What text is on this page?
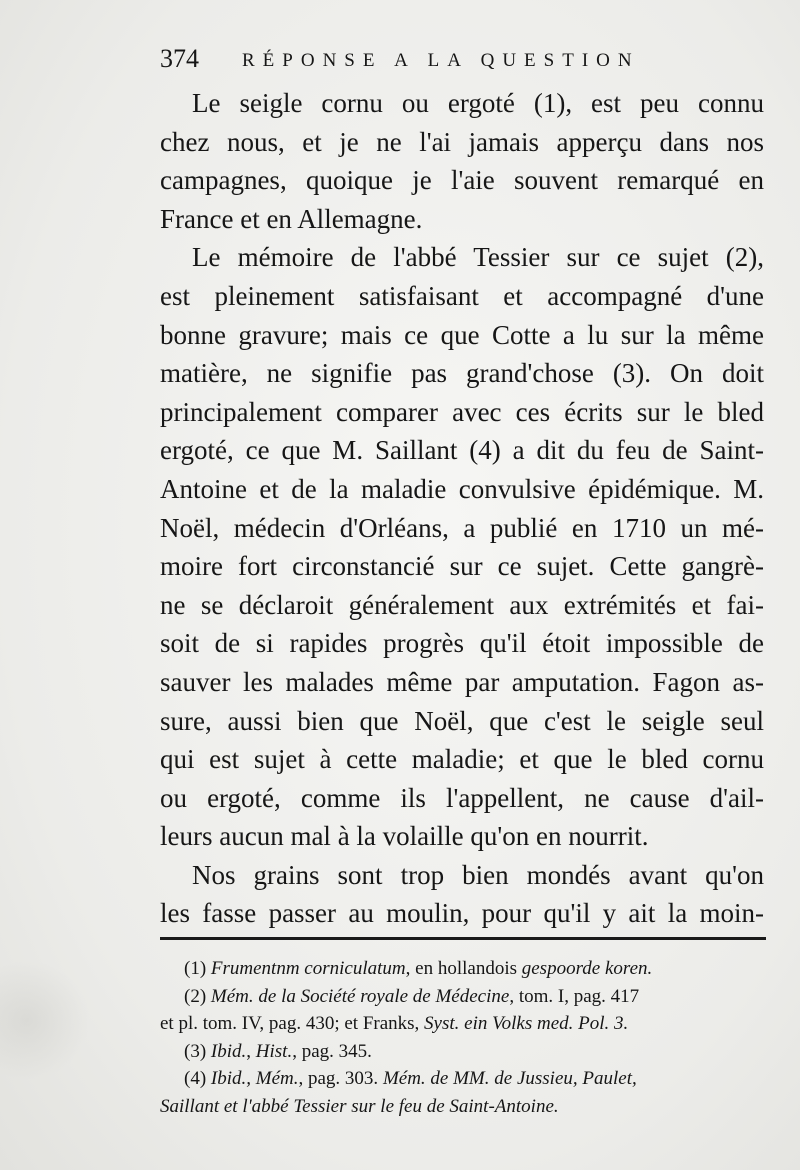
374 RÉPONSE A LA QUESTION
Le seigle cornu ou ergoté (1), est peu connu
chez nous, et je ne l'ai jamais apperçu dans nos
campagnes, quoique je l'aie souvent remarqué en
France et en Allemagne.
Le mémoire de l'abbé Tessier sur ce sujet (2),
est pleinement satisfaisant et accompagné d'une
bonne gravure; mais ce que Cotte a lu sur la même
matière, ne signifie pas grand'chose (3). On doit
principalement comparer avec ces écrits sur le bled
ergoté, ce que M. Saillant (4) a dit du feu de Saint-
Antoine et de la maladie convulsive épidémique. M.
Noël, médecin d'Orléans, a publié en 1710 un mé-
moire fort circonstancié sur ce sujet. Cette gangrè-
ne se déclaroit généralement aux extrémités et fai-
soit de si rapides progrès qu'il étoit impossible de
sauver les malades même par amputation. Fagon as-
sure, aussi bien que Noël, que c'est le seigle seul
qui est sujet à cette maladie; et que le bled cornu
ou ergoté, comme ils l'appellent, ne cause d'ail-
leurs aucun mal à la volaille qu'on en nourrit.
Nos grains sont trop bien mondés avant qu'on
les fasse passer au moulin, pour qu'il y ait la moin-
(1) Frumentnm corniculatum, en hollandois gespoorde koren.
(2) Mém. de la Société royale de Médecine, tom. I, pag. 417
et pl. tom. IV, pag. 430; et Franks, Syst. ein Volks med. Pol. 3.
(3) Ibid., Hist., pag. 345.
(4) Ibid., Mém., pag. 303. Mém. de MM. de Jussieu, Paulet,
Saillant et l'abbé Tessier sur le feu de Saint-Antoine.
